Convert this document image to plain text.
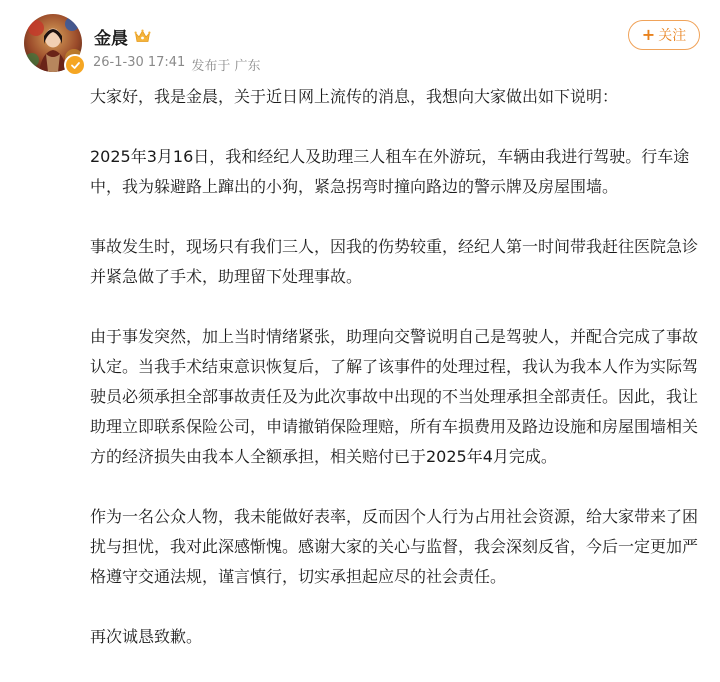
金晨
26-1-30 17:41 发布于 广东
+ 关注

大家好，我是金晨，关于近日网上流传的消息，我想向大家做出如下说明：

2025年3月16日，我和经纪人及助理三人租车在外游玩，车辆由我进行驾驶。行车途中，我为躲避路上蹿出的小狗，紧急拐弯时撞向路边的警示牌及房屋围墙。

事故发生时，现场只有我们三人，因我的伤势较重，经纪人第一时间带我赶往医院急诊并紧急做了手术，助理留下处理事故。

由于事发突然，加上当时情绪紧张，助理向交警说明自己是驾驶人，并配合完成了事故认定。当我手术结束意识恢复后，了解了该事件的处理过程，我认为我本人作为实际驾驶员必须承担全部事故责任及为此次事故中出现的不当处理承担全部责任。因此，我让助理立即联系保险公司，申请撤销保险理赔，所有车损费用及路边设施和房屋围墙相关方的经济损失由我本人全额承担，相关赔付已于2025年4月完成。

作为一名公众人物，我未能做好表率，反而因个人行为占用社会资源，给大家带来了困扰与担忧，我对此深感惭愧。感谢大家的关心与监督，我会深刻反省，今后一定更加严格遵守交通法规，谨言慎行，切实承担起应尽的社会责任。

再次诚恳致歉。
